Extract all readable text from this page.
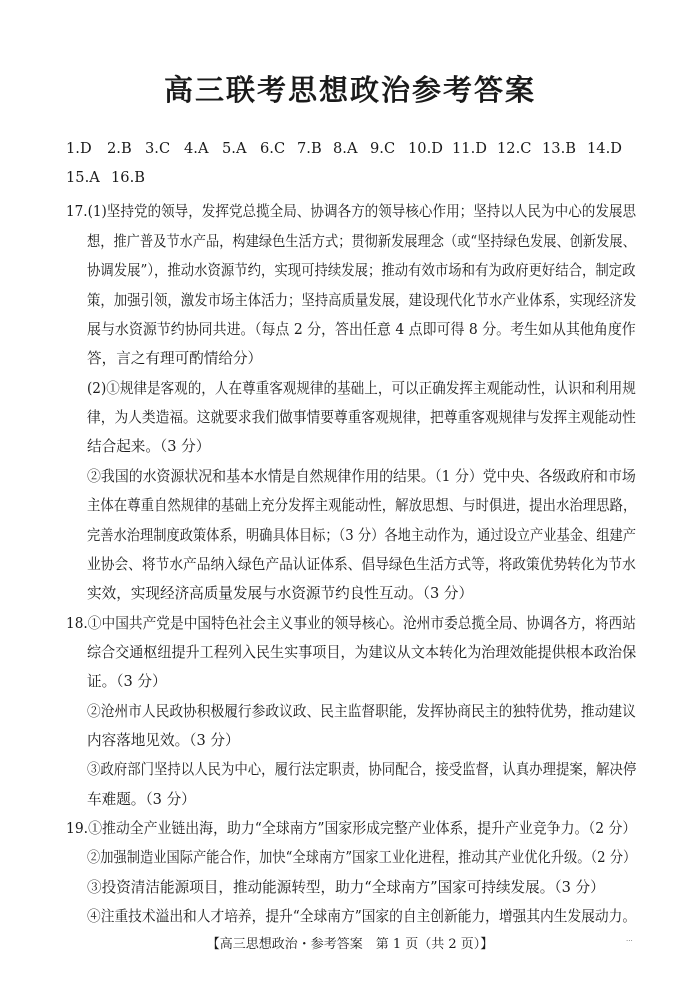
高三联考思想政治参考答案
1.D 2.B 3.C 4.A 5.A 6.C 7.B 8.A 9.C 10.D 11.D 12.C 13.B 14.D
15.A 16.B
17.(1)坚持党的领导，发挥党总揽全局、协调各方的领导核心作用；坚持以人民为中心的发展思
想，推广普及节水产品，构建绿色生活方式；贯彻新发展理念（或“坚持绿色发展、创新发展、
协调发展”），推动水资源节约，实现可持续发展；推动有效市场和有为政府更好结合，制定政
策，加强引领，激发市场主体活力；坚持高质量发展，建设现代化节水产业体系，实现经济发
展与水资源节约协同共进。（每点 2 分，答出任意 4 点即可得 8 分。考生如从其他角度作
答，言之有理可酌情给分）
(2)①规律是客观的，人在尊重客观规律的基础上，可以正确发挥主观能动性，认识和利用规
律，为人类造福。这就要求我们做事情要尊重客观规律，把尊重客观规律与发挥主观能动性
结合起来。（3 分）
②我国的水资源状况和基本水情是自然规律作用的结果。（1 分）党中央、各级政府和市场
主体在尊重自然规律的基础上充分发挥主观能动性，解放思想、与时俱进，提出水治理思路，
完善水治理制度政策体系，明确具体目标；（3 分）各地主动作为，通过设立产业基金、组建产
业协会、将节水产品纳入绿色产品认证体系、倡导绿色生活方式等，将政策优势转化为节水
实效，实现经济高质量发展与水资源节约良性互动。（3 分）
18.①中国共产党是中国特色社会主义事业的领导核心。沧州市委总揽全局、协调各方，将西站
综合交通枢纽提升工程列入民生实事项目，为建议从文本转化为治理效能提供根本政治保
证。（3 分）
②沧州市人民政协积极履行参政议政、民主监督职能，发挥协商民主的独特优势，推动建议
内容落地见效。（3 分）
③政府部门坚持以人民为中心，履行法定职责，协同配合，接受监督，认真办理提案，解决停
车难题。（3 分）
19.①推动全产业链出海，助力“全球南方”国家形成完整产业体系，提升产业竞争力。（2 分）
②加强制造业国际产能合作，加快“全球南方”国家工业化进程，推动其产业优化升级。（2 分）
③投资清洁能源项目，推动能源转型，助力“全球南方”国家可持续发展。（3 分）
④注重技术溢出和人才培养，提升“全球南方”国家的自主创新能力，增强其内生发展动力。
【高三思想政治・参考答案　第 1 页（共 2 页）】	...
